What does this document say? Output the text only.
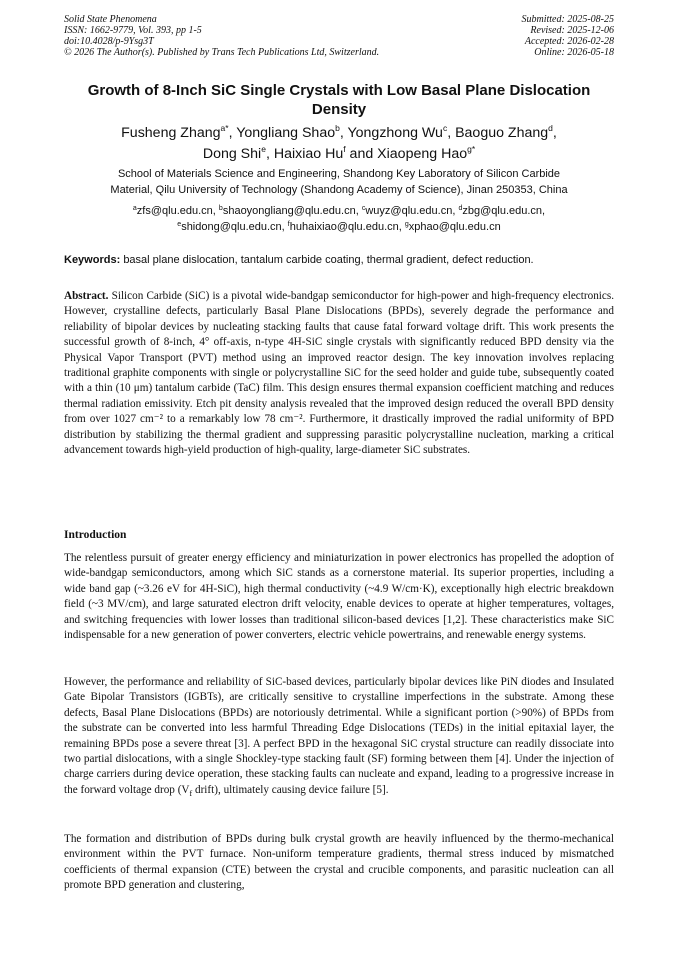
Solid State Phenomena
ISSN: 1662-9779, Vol. 393, pp 1-5
doi:10.4028/p-9Ysg3T
© 2026 The Author(s). Published by Trans Tech Publications Ltd, Switzerland.
Submitted: 2025-08-25
Revised: 2025-12-06
Accepted: 2026-02-28
Online: 2026-05-18
Growth of 8-Inch SiC Single Crystals with Low Basal Plane Dislocation Density
Fusheng Zhang$^{a*}$, Yongliang Shao$^b$, Yongzhong Wu$^c$, Baoguo Zhang$^d$,
Dong Shi$^e$, Haixiao Hu$^f$ and Xiaopeng Hao$^{g*}$
School of Materials Science and Engineering, Shandong Key Laboratory of Silicon Carbide
Material, Qilu University of Technology (Shandong Academy of Science), Jinan 250353, China
$^a$zfs@qlu.edu.cn, $^b$shaoyongliang@qlu.edu.cn, $^c$wuyz@qlu.edu.cn, $^d$zbg@qlu.edu.cn,
$^e$shidong@qlu.edu.cn, $^f$huhaixiao@qlu.edu.cn, $^g$xphao@qlu.edu.cn
Keywords: basal plane dislocation, tantalum carbide coating, thermal gradient, defect reduction.
Abstract. Silicon Carbide (SiC) is a pivotal wide-bandgap semiconductor for high-power and high-frequency electronics. However, crystalline defects, particularly Basal Plane Dislocations (BPDs), severely degrade the performance and reliability of bipolar devices by nucleating stacking faults that cause fatal forward voltage drift. This work presents the successful growth of 8-inch, 4° off-axis, n-type 4H-SiC single crystals with significantly reduced BPD density via the Physical Vapor Transport (PVT) method using an improved reactor design. The key innovation involves replacing traditional graphite components with single or polycrystalline SiC for the seed holder and guide tube, subsequently coated with a thin (10 μm) tantalum carbide (TaC) film. This design ensures thermal expansion coefficient matching and reduces thermal radiation emissivity. Etch pit density analysis revealed that the improved design reduced the overall BPD density from over 1027 cm⁻² to a remarkably low 78 cm⁻². Furthermore, it drastically improved the radial uniformity of BPD distribution by stabilizing the thermal gradient and suppressing parasitic polycrystalline nucleation, marking a critical advancement towards high-yield production of high-quality, large-diameter SiC substrates.
Introduction

The relentless pursuit of greater energy efficiency and miniaturization in power electronics has propelled the adoption of wide-bandgap semiconductors, among which SiC stands as a cornerstone material. Its superior properties, including a wide band gap (~3.26 eV for 4H-SiC), high thermal conductivity (~4.9 W/cm·K), exceptionally high electric breakdown field (~3 MV/cm), and large saturated electron drift velocity, enable devices to operate at higher temperatures, voltages, and switching frequencies with lower losses than traditional silicon-based devices [1,2]. These characteristics make SiC indispensable for a new generation of power converters, electric vehicle powertrains, and renewable energy systems.

However, the performance and reliability of SiC-based devices, particularly bipolar devices like PiN diodes and Insulated Gate Bipolar Transistors (IGBTs), are critically sensitive to crystalline imperfections in the substrate. Among these defects, Basal Plane Dislocations (BPDs) are notoriously detrimental. While a significant portion (>90%) of BPDs from the substrate can be converted into less harmful Threading Edge Dislocations (TEDs) in the initial epitaxial layer, the remaining BPDs pose a severe threat [3]. A perfect BPD in the hexagonal SiC crystal structure can readily dissociate into two partial dislocations, with a single Shockley-type stacking fault (SF) forming between them [4]. Under the injection of charge carriers during device operation, these stacking faults can nucleate and expand, leading to a progressive increase in the forward voltage drop ($V_f$ drift), ultimately causing device failure [5].

The formation and distribution of BPDs during bulk crystal growth are heavily influenced by the thermo-mechanical environment within the PVT furnace. Non-uniform temperature gradients, thermal stress induced by mismatched coefficients of thermal expansion (CTE) between the crystal and crucible components, and parasitic nucleation can all promote BPD generation and clustering,
